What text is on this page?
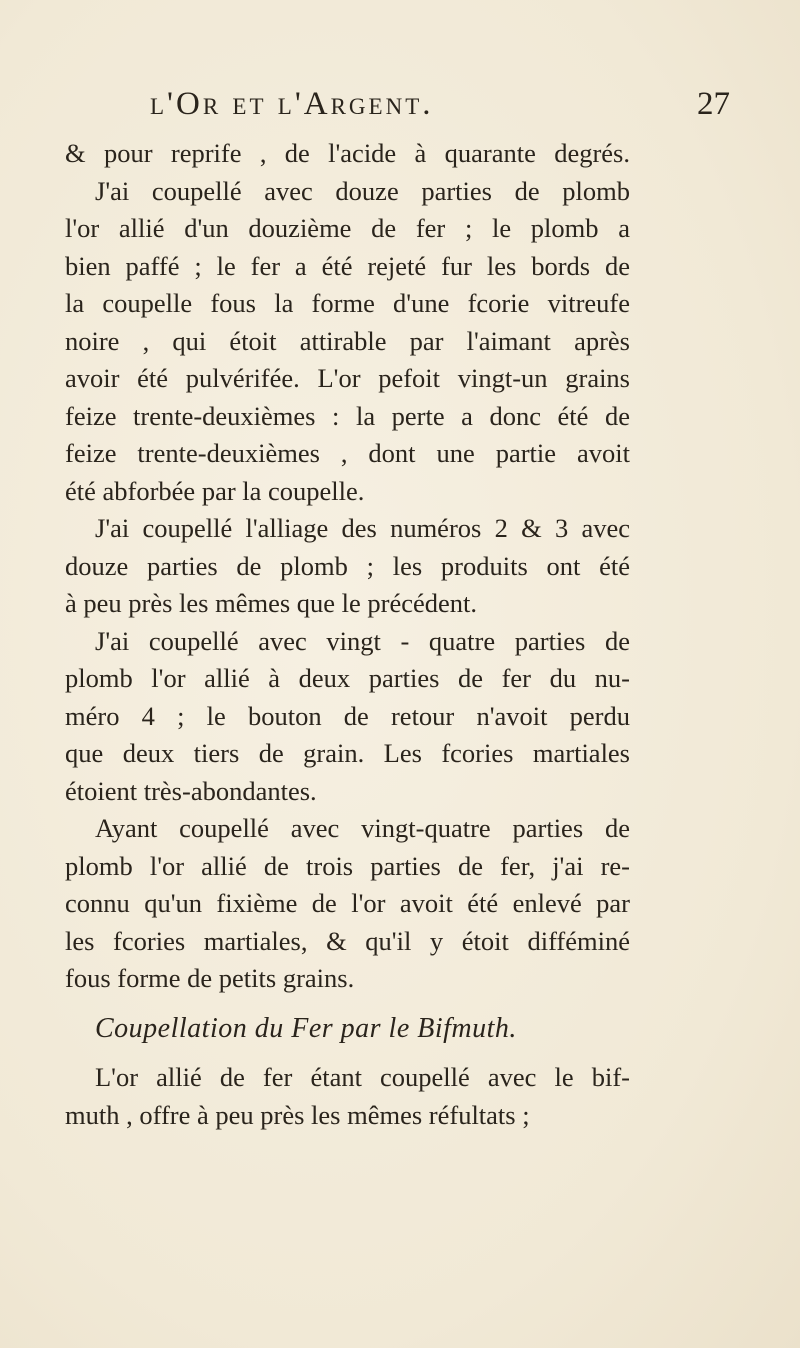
l'Or et l'Argent.	27
& pour reprife , de l'acide à quarante degrés.
J'ai coupellé avec douze parties de plomb
l'or allié d'un douzième de fer ; le plomb a
bien paffé ; le fer a été rejeté fur les bords de
la coupelle fous la forme d'une fcorie vitreufe
noire , qui étoit attirable par l'aimant après
avoir été pulvérifée. L'or pefoit vingt-un grains
feize trente-deuxièmes : la perte a donc été de
feize trente-deuxièmes , dont une partie avoit
été abforbée par la coupelle.
J'ai coupellé l'alliage des numéros 2 & 3 avec
douze parties de plomb ; les produits ont été
à peu près les mêmes que le précédent.
J'ai coupellé avec vingt - quatre parties de
plomb l'or allié à deux parties de fer du nu-
méro 4 ; le bouton de retour n'avoit perdu
que deux tiers de grain. Les fcories martiales
étoient très-abondantes.
Ayant coupellé avec vingt-quatre parties de
plomb l'or allié de trois parties de fer, j'ai re-
connu qu'un fixième de l'or avoit été enlevé par
les fcories martiales, & qu'il y étoit difféminé
fous forme de petits grains.
Coupellation du Fer par le Bifmuth.
L'or allié de fer étant coupellé avec le bif-
muth , offre à peu près les mêmes réfultats ;
